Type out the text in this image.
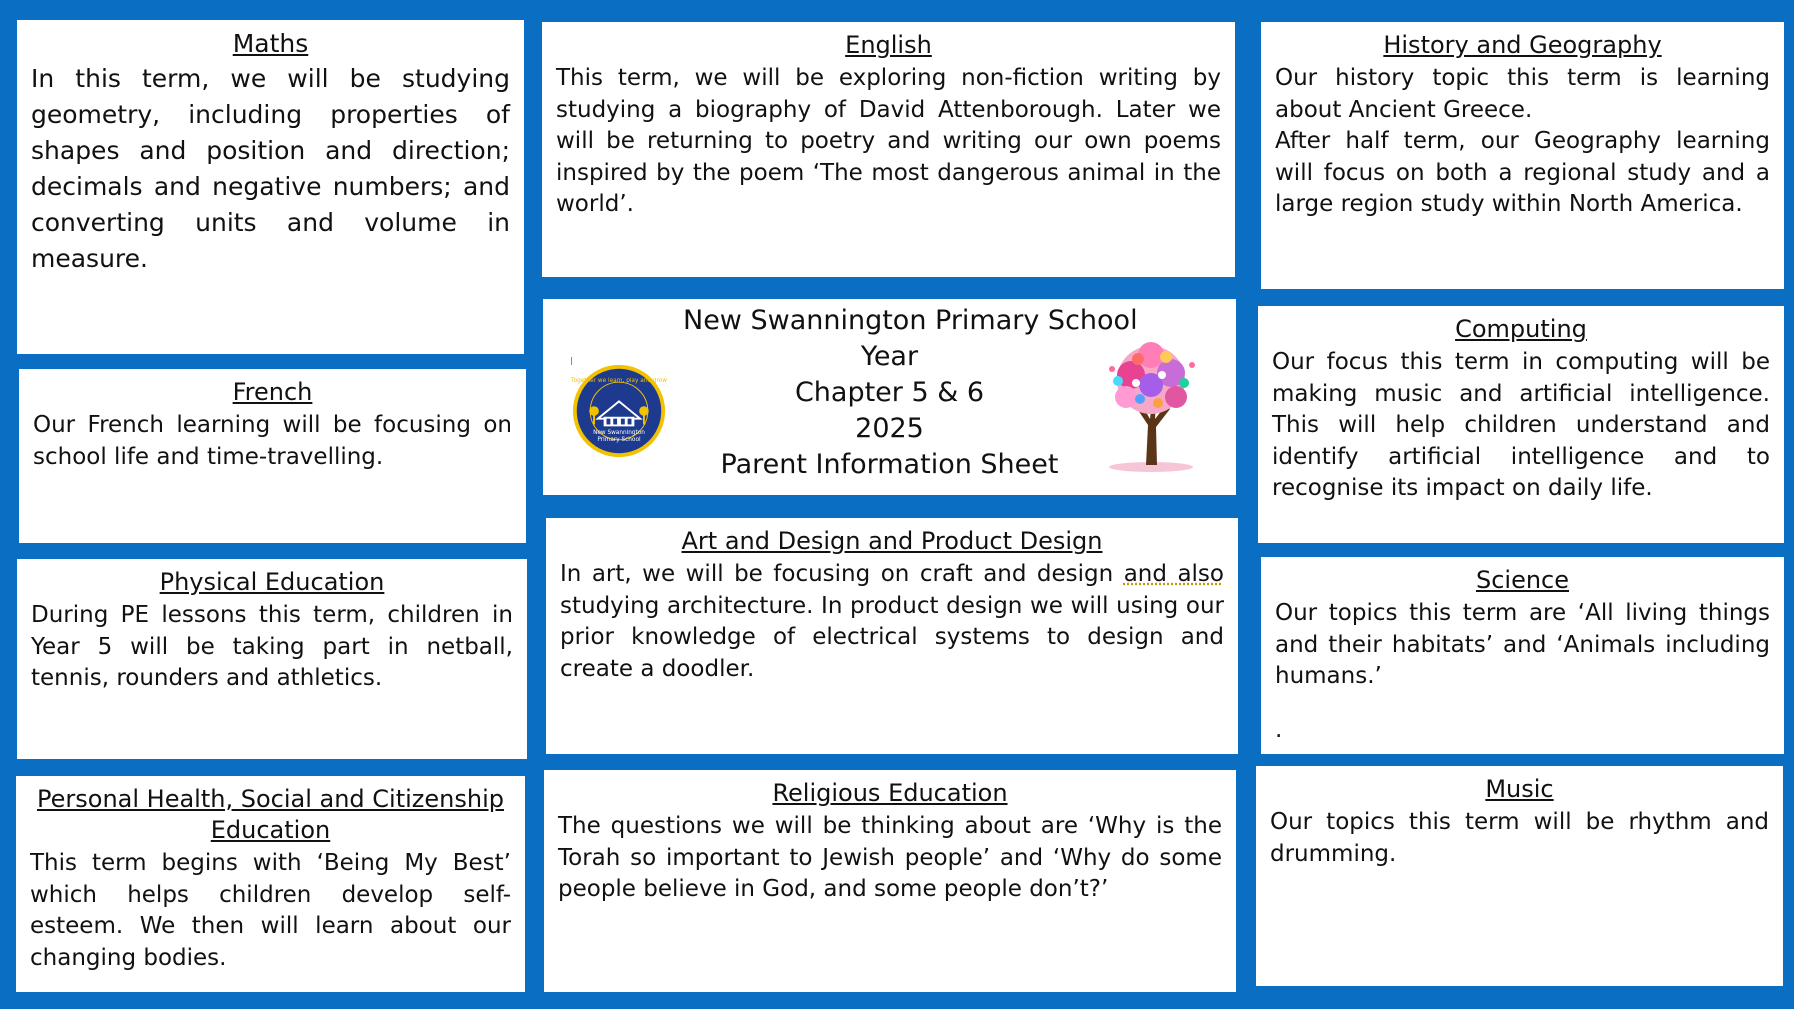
Maths

In this term, we will be studying geometry, including properties of shapes and position and direction; decimals and negative numbers; and converting units and volume in measure.

French

Our French learning will be focusing on school life and time-travelling.

Physical Education

During PE lessons this term, children in Year 5 will be taking part in netball, tennis, rounders and athletics.

Personal Health, Social and Citizenship Education

This term begins with ‘Being My Best’ which helps children develop self-esteem. We then will learn about our changing bodies.

English

This term, we will be exploring non-fiction writing by studying a biography of David Attenborough. Later we will be returning to poetry and writing our own poems inspired by the poem ‘The most dangerous animal in the world’.

Together we learn, play and grow
New Swannington
Primary School
New Swannington Primary School
Year
Chapter 5 & 6
2025
Parent Information Sheet
Art and Design and Product Design

In art, we will be focusing on craft and design and also studying architecture. In product design we will using our prior knowledge of electrical systems to design and create a doodler.

Religious Education

The questions we will be thinking about are ‘Why is the Torah so important to Jewish people’ and ‘Why do some people believe in God, and some people don’t?’

History and Geography

Our history topic this term is learning about Ancient Greece.

After half term, our Geography learning will focus on both a regional study and a large region study within North America.

Computing

Our focus this term in computing will be making music and artificial intelligence. This will help children understand and identify artificial intelligence and to recognise its impact on daily life.

Science

Our topics this term are ‘All living things and their habitats’ and ‘Animals including humans.’

.

Music

Our topics this term will be rhythm and drumming.
